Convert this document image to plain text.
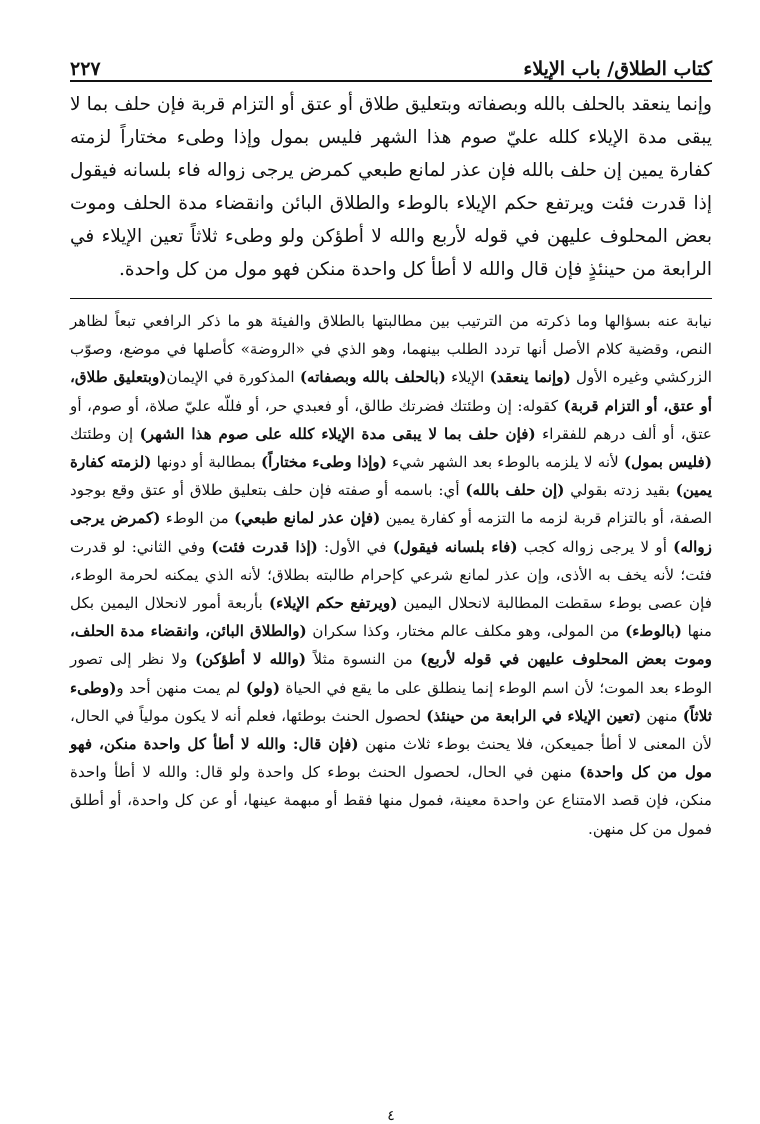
كتاب الطلاق/ باب الإيلاء
٢٢٧

وإنما ينعقد بالحلف بالله وبصفاته وبتعليق طلاق أو عتق أو التزام قربة فإن حلف بما لا يبقى مدة الإيلاء كلله عليّ صوم هذا الشهر فليس بمول وإذا وطىء مختاراً لزمته كفارة يمين إن حلف بالله فإن عذر لمانع طبعي كمرض يرجى زواله فاء بلسانه فيقول إذا قدرت فئت ويرتفع حكم الإيلاء بالوطء والطلاق البائن وانقضاء مدة الحلف وموت بعض المحلوف عليهن في قوله لأربع والله لا أطؤكن ولو وطىء ثلاثاً تعين الإيلاء في الرابعة من حينئذٍ فإن قال والله لا أطأ كل واحدة منكن فهو مول من كل واحدة.

نيابة عنه بسؤالها وما ذكرته من الترتيب بين مطالبتها بالطلاق والفيئة هو ما ذكر الرافعي تبعاً لظاهر النص، وقضية كلام الأصل أنها تردد الطلب بينهما، وهو الذي في «الروضة» كأصلها في موضع، وصوّب الزركشي وغيره الأول (وإنما ينعقد) الإيلاء (بالحلف بالله وبصفاته) المذكورة في الإيمان(وبتعليق طلاق، أو عتق، أو التزام قربة) كقوله: إن وطئتك فضرتك طالق، أو فعبدي حر، أو فللّه عليّ صلاة، أو صوم، أو عتق، أو ألف درهم للفقراء (فإن حلف بما لا يبقى مدة الإيلاء كلله على صوم هذا الشهر) إن وطئتك (فليس بمول) لأنه لا يلزمه بالوطء بعد الشهر شيء (وإذا وطىء مختاراً) بمطالبة أو دونها (لزمته كفارة يمين) بقيد زدته بقولي (إن حلف بالله) أي: باسمه أو صفته فإن حلف بتعليق طلاق أو عتق وقع بوجود الصفة، أو بالتزام قربة لزمه ما التزمه أو كفارة يمين (فإن عذر لمانع طبعي) من الوطء (كمرض يرجى زواله) أو لا يرجى زواله كجب (فاء بلسانه فيقول) في الأول: (إذا قدرت فئت) وفي الثاني: لو قدرت فئت؛ لأنه يخف به الأذى، وإن عذر لمانع شرعي كإحرام طالبته بطلاق؛ لأنه الذي يمكنه لحرمة الوطء، فإن عصى بوطء سقطت المطالبة لانحلال اليمين (ويرتفع حكم الإيلاء) بأربعة أمور لانحلال اليمين بكل منها (بالوطء) من المولى، وهو مكلف عالم مختار، وكذا سكران (والطلاق البائن، وانقضاء مدة الحلف، وموت بعض المحلوف عليهن في قوله لأربع) من النسوة مثلاً (والله لا أطؤكن) ولا نظر إلى تصور الوطء بعد الموت؛ لأن اسم الوطء إنما ينطلق على ما يقع في الحياة (ولو) لم يمت منهن أحد و(وطىء ثلاثاً) منهن (تعين الإيلاء في الرابعة من حينئذ) لحصول الحنث بوطئها، فعلم أنه لا يكون مولياً في الحال، لأن المعنى لا أطأ جميعكن، فلا يحنث بوطء ثلاث منهن (فإن قال: والله لا أطأ كل واحدة منكن، فهو مول من كل واحدة) منهن في الحال، لحصول الحنث بوطء كل واحدة ولو قال: والله لا أطأ واحدة منكن، فإن قصد الامتناع عن واحدة معينة، فمول منها فقط أو مبهمة عينها، أو عن كل واحدة، أو أطلق فمول من كل منهن.

٤
